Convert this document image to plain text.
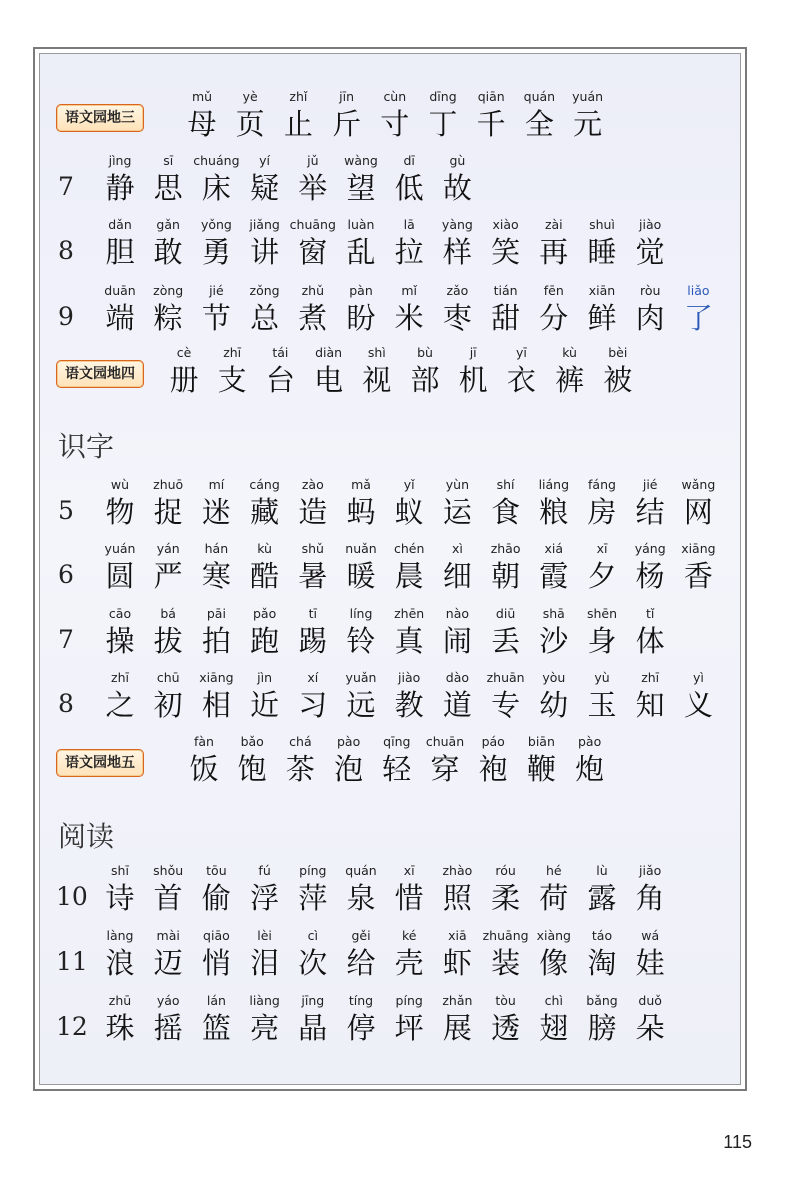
语文园地三
mǔ
母
yè
页
zhǐ
止
jīn
斤
cùn
寸
dīng
丁
qiān
千
quán
全
yuán
元
7
jìng
静
sī
思
chuáng
床
yí
疑
jǔ
举
wàng
望
dī
低
gù
故
8
dǎn
胆
gǎn
敢
yǒng
勇
jiǎng
讲
chuāng
窗
luàn
乱
lā
拉
yàng
样
xiào
笑
zài
再
shuì
睡
jiào
觉
9
duān
端
zòng
粽
jié
节
zǒng
总
zhǔ
煮
pàn
盼
mǐ
米
zǎo
枣
tián
甜
fēn
分
xiān
鲜
ròu
肉
liǎo
了
语文园地四
cè
册
zhī
支
tái
台
diàn
电
shì
视
bù
部
jī
机
yī
衣
kù
裤
bèi
被
识字
5
wù
物
zhuō
捉
mí
迷
cáng
藏
zào
造
mǎ
蚂
yǐ
蚁
yùn
运
shí
食
liáng
粮
fáng
房
jié
结
wǎng
网
6
yuán
圆
yán
严
hán
寒
kù
酷
shǔ
暑
nuǎn
暖
chén
晨
xì
细
zhāo
朝
xiá
霞
xī
夕
yáng
杨
xiāng
香
7
cāo
操
bá
拔
pāi
拍
pǎo
跑
tī
踢
líng
铃
zhēn
真
nào
闹
diū
丢
shā
沙
shēn
身
tǐ
体
8
zhī
之
chū
初
xiāng
相
jìn
近
xí
习
yuǎn
远
jiào
教
dào
道
zhuān
专
yòu
幼
yù
玉
zhī
知
yì
义
语文园地五
fàn
饭
bǎo
饱
chá
茶
pào
泡
qīng
轻
chuān
穿
páo
袍
biān
鞭
pào
炮
阅读
10
shī
诗
shǒu
首
tōu
偷
fú
浮
píng
萍
quán
泉
xī
惜
zhào
照
róu
柔
hé
荷
lù
露
jiǎo
角
11
làng
浪
mài
迈
qiāo
悄
lèi
泪
cì
次
gěi
给
ké
壳
xiā
虾
zhuāng
装
xiàng
像
táo
淘
wá
娃
12
zhū
珠
yáo
摇
lán
篮
liàng
亮
jīng
晶
tíng
停
píng
坪
zhǎn
展
tòu
透
chì
翅
bǎng
膀
duǒ
朵
115
